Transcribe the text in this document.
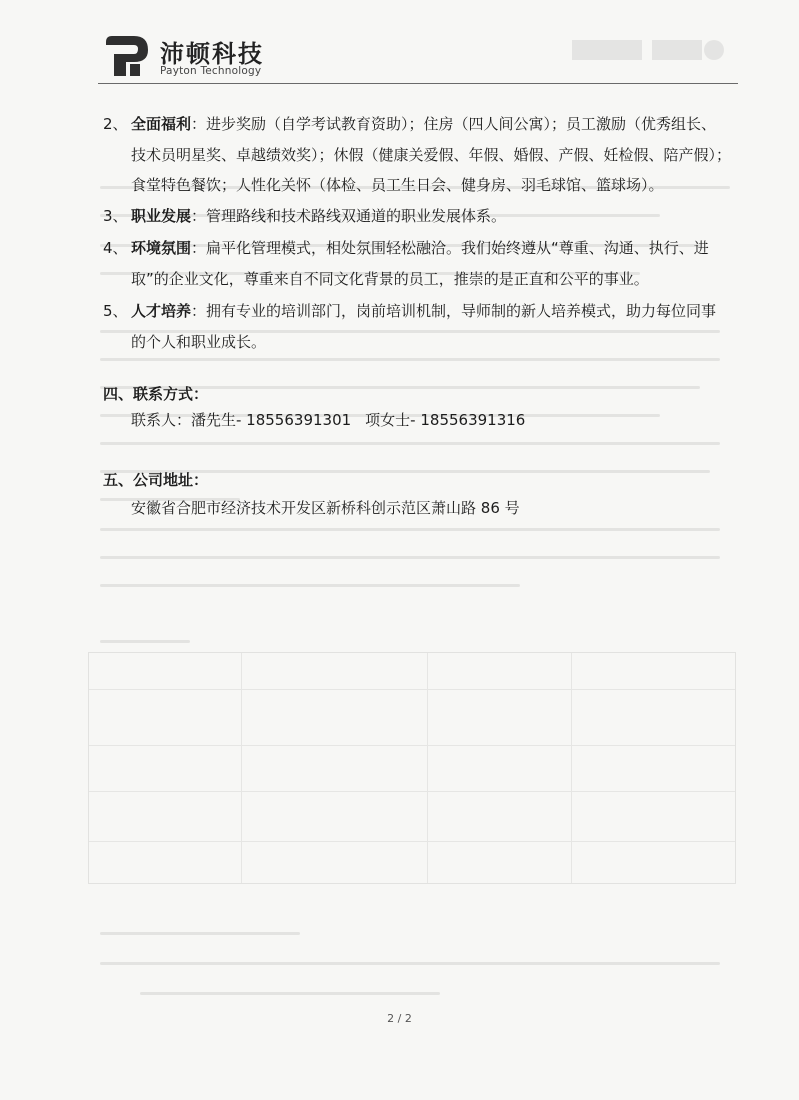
沛顿科技
Payton Technology
2、 全面福利：进步奖励（自学考试教育资助）；住房（四人间公寓）；员工激励（优秀组长、
技术员明星奖、卓越绩效奖）；休假（健康关爱假、年假、婚假、产假、妊检假、陪产假）；
食堂特色餐饮；人性化关怀（体检、员工生日会、健身房、羽毛球馆、篮球场）。
3、 职业发展：管理路线和技术路线双通道的职业发展体系。
4、 环境氛围：扁平化管理模式，相处氛围轻松融洽。我们始终遵从“尊重、沟通、执行、进
取”的企业文化，尊重来自不同文化背景的员工，推崇的是正直和公平的事业。
5、 人才培养：拥有专业的培训部门，岗前培训机制，导师制的新人培养模式，助力每位同事
的个人和职业成长。
四、联系方式：
联系人：潘先生- 18556391301 项女士- 18556391316
五、公司地址：
安徽省合肥市经济技术开发区新桥科创示范区萧山路 86 号
2 / 2
